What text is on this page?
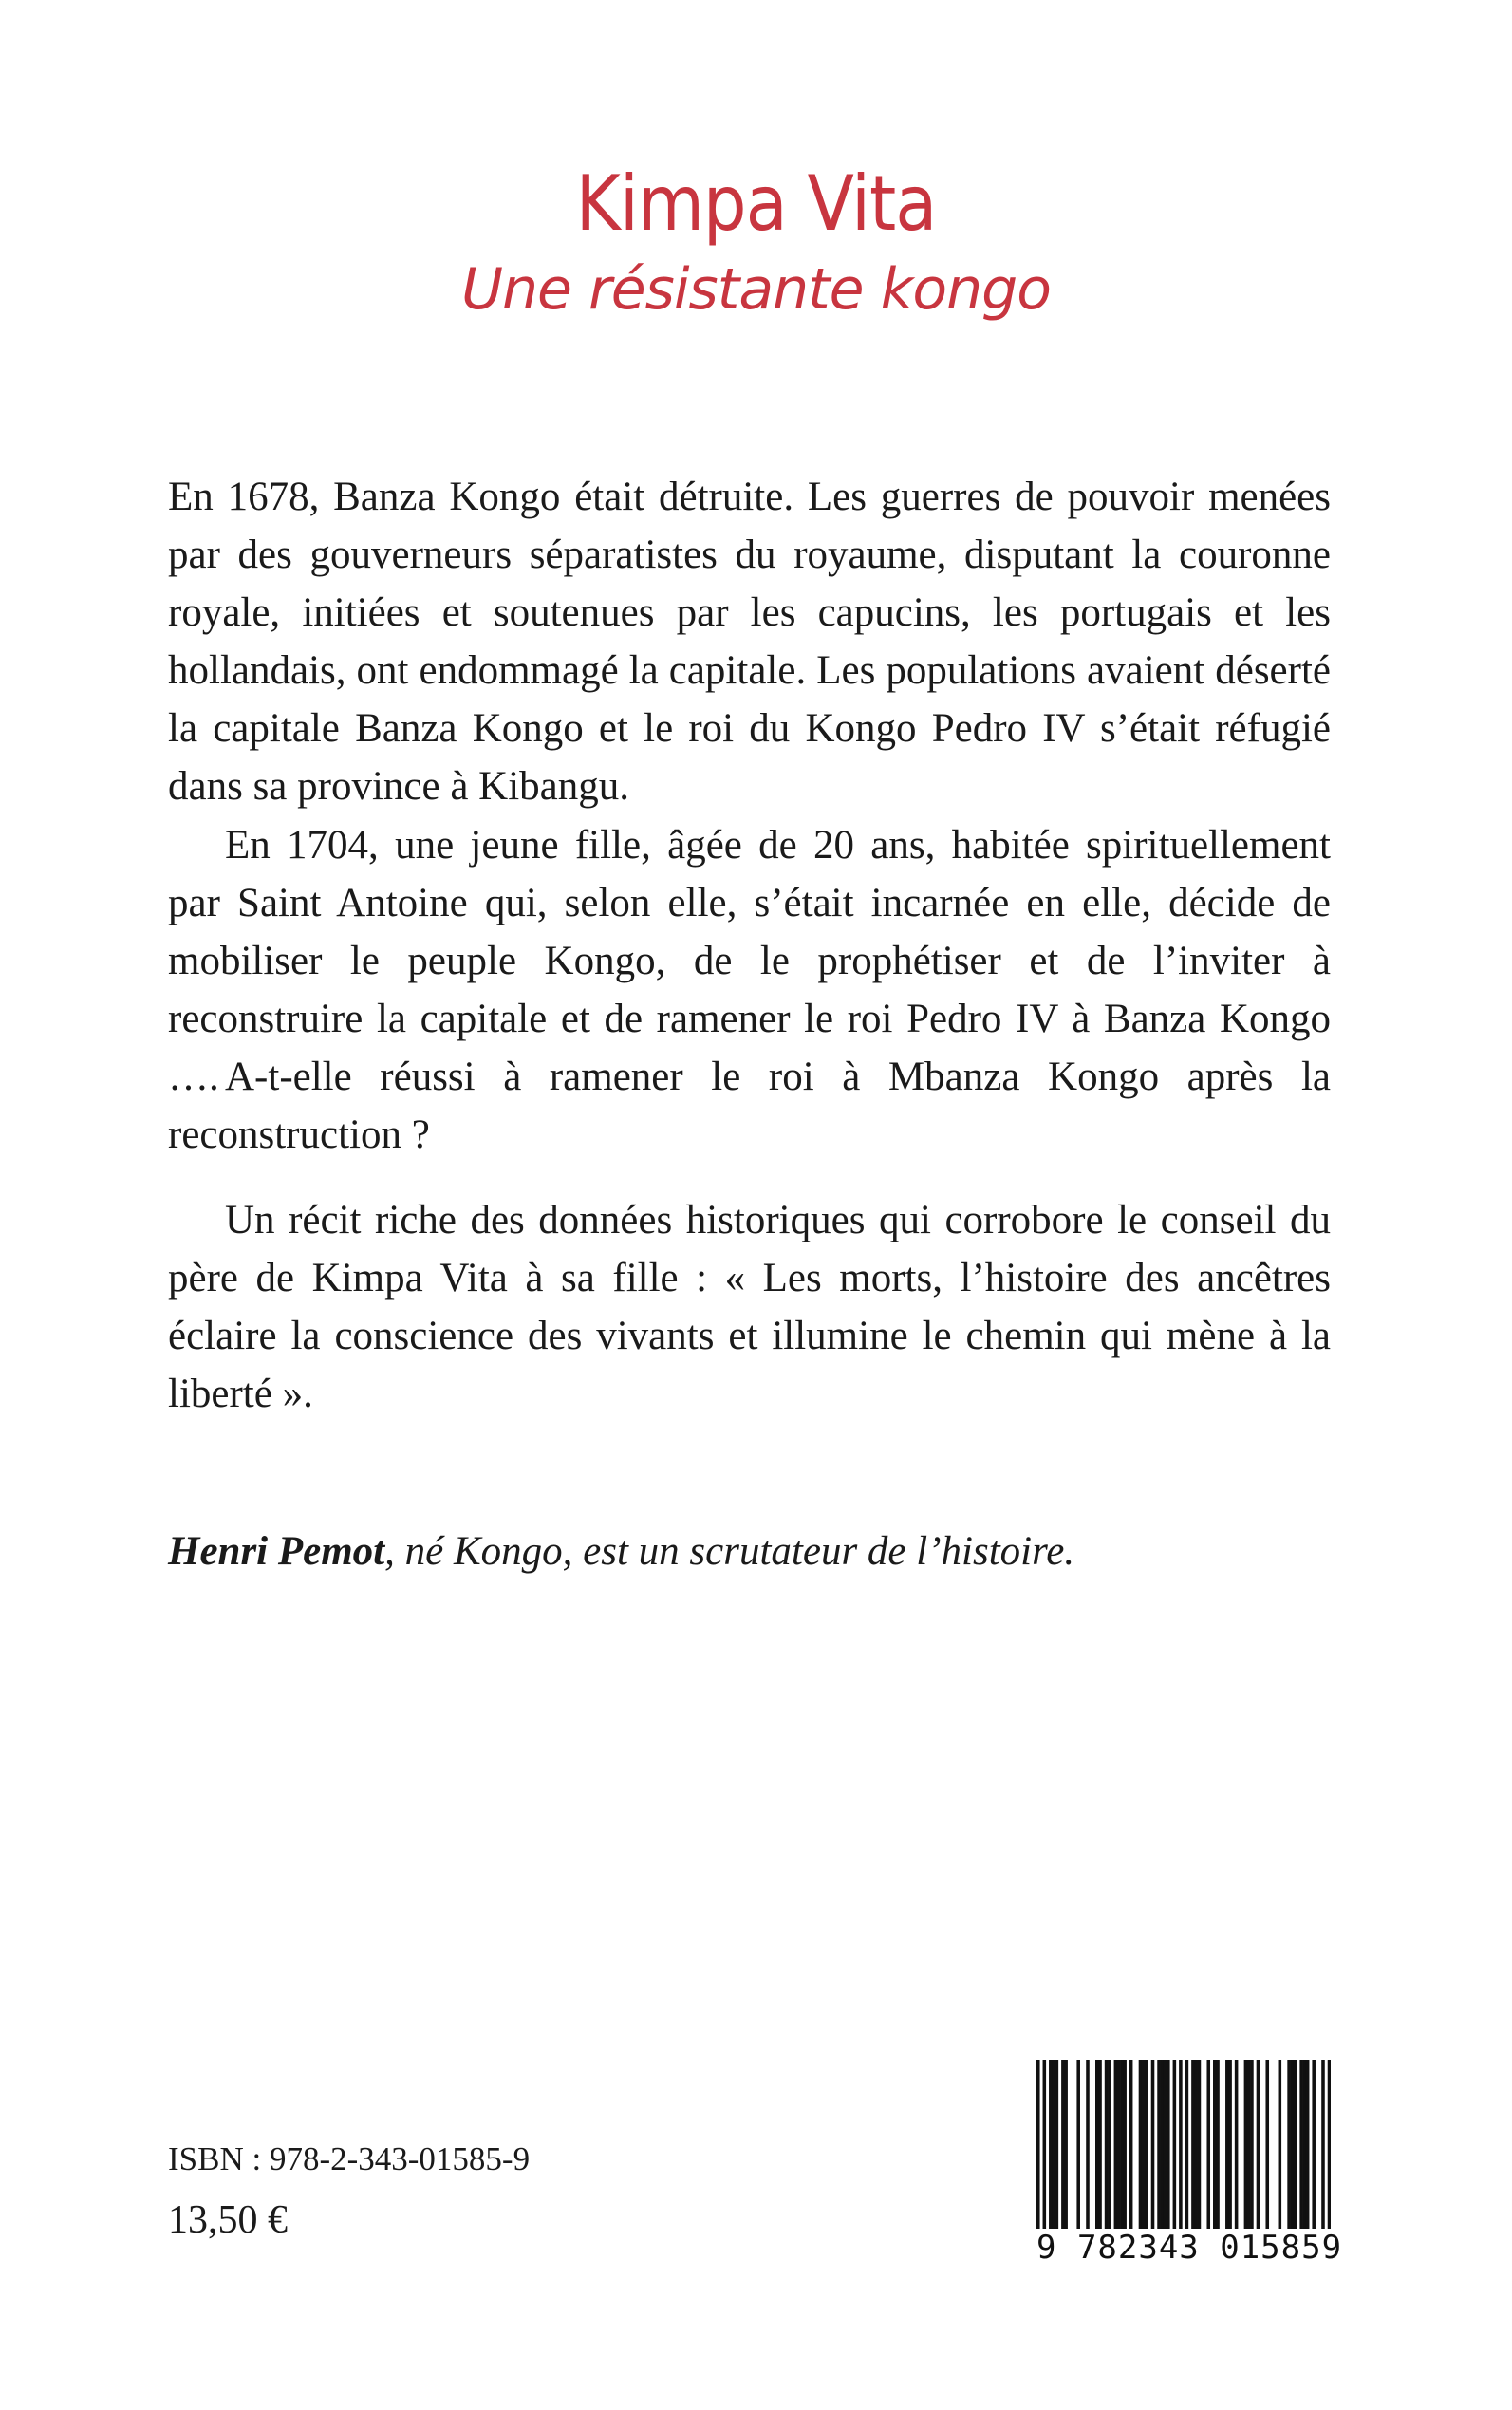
Kimpa Vita
Une résistante kongo

En 1678, Banza Kongo était détruite. Les guerres de pouvoir menées par des gouverneurs séparatistes du royaume, disputant la couronne royale, initiées et soutenues par les capucins, les portugais et les hollandais, ont endommagé la capitale. Les populations avaient déserté la capitale Banza Kongo et le roi du Kongo Pedro IV s’était réfugié dans sa province à Kibangu.

En 1704, une jeune fille, âgée de 20 ans, habitée spirituellement par Saint Antoine qui, selon elle, s’était incarnée en elle, décide de mobiliser le peuple Kongo, de le prophétiser et de l’inviter à reconstruire la capitale et de ramener le roi Pedro IV à Banza Kongo …. A-t-elle réussi à ramener le roi à Mbanza Kongo après la reconstruction ?

Un récit riche des données historiques qui corrobore le conseil du père de Kimpa Vita à sa fille : « Les morts, l’histoire des ancêtres éclaire la conscience des vivants et illumine le chemin qui mène à la liberté ».

Henri Pemot, né Kongo, est un scrutateur de l’histoire.

ISBN : 978-2-343-01585-9

13,50 €

9 782343 015859
